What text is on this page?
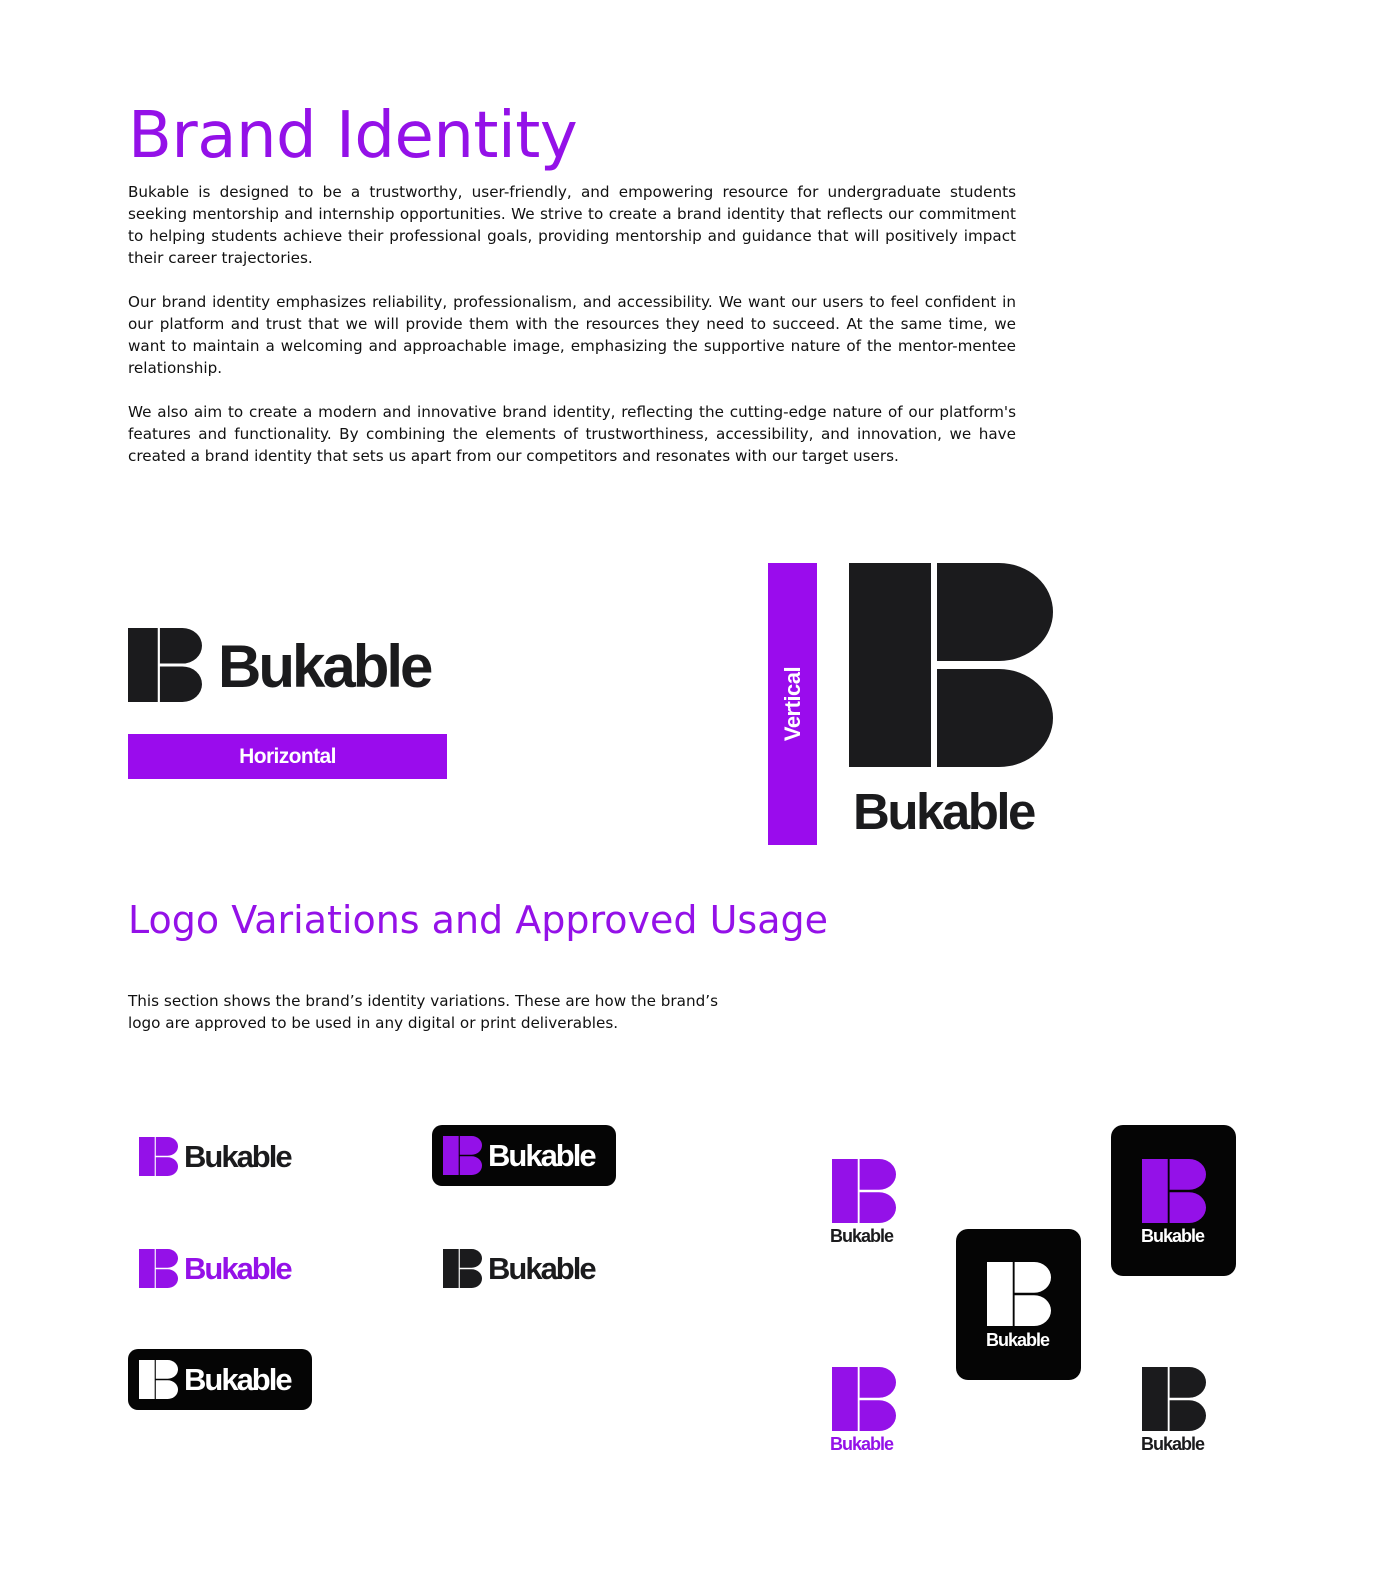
Brand Identity

Bukable is designed to be a trustworthy, user-friendly, and empowering resource for undergraduate students seeking mentorship and internship opportunities. We strive to create a brand identity that reflects our commitment to helping students achieve their professional goals, providing mentorship and guidance that will positively impact their career trajectories.

Our brand identity emphasizes reliability, professionalism, and accessibility. We want our users to feel confident in our platform and trust that we will provide them with the resources they need to succeed. At the same time, we want to maintain a welcoming and approachable image, emphasizing the supportive nature of the mentor-mentee relationship.

We also aim to create a modern and innovative brand identity, reflecting the cutting-edge nature of our platform's features and functionality. By combining the elements of trustworthiness, accessibility, and innovation, we have created a brand identity that sets us apart from our competitors and resonates with our target users.

Bukable
Horizontal
Vertical
Bukable
Logo Variations and Approved Usage

This section shows the brand’s identity variations. These are how the brand’s logo are approved to be used in any digital or print deliverables.

Bukable
Bukable
Bukable
Bukable
Bukable
Bukable
Bukable
Bukable
Bukable
Bukable
